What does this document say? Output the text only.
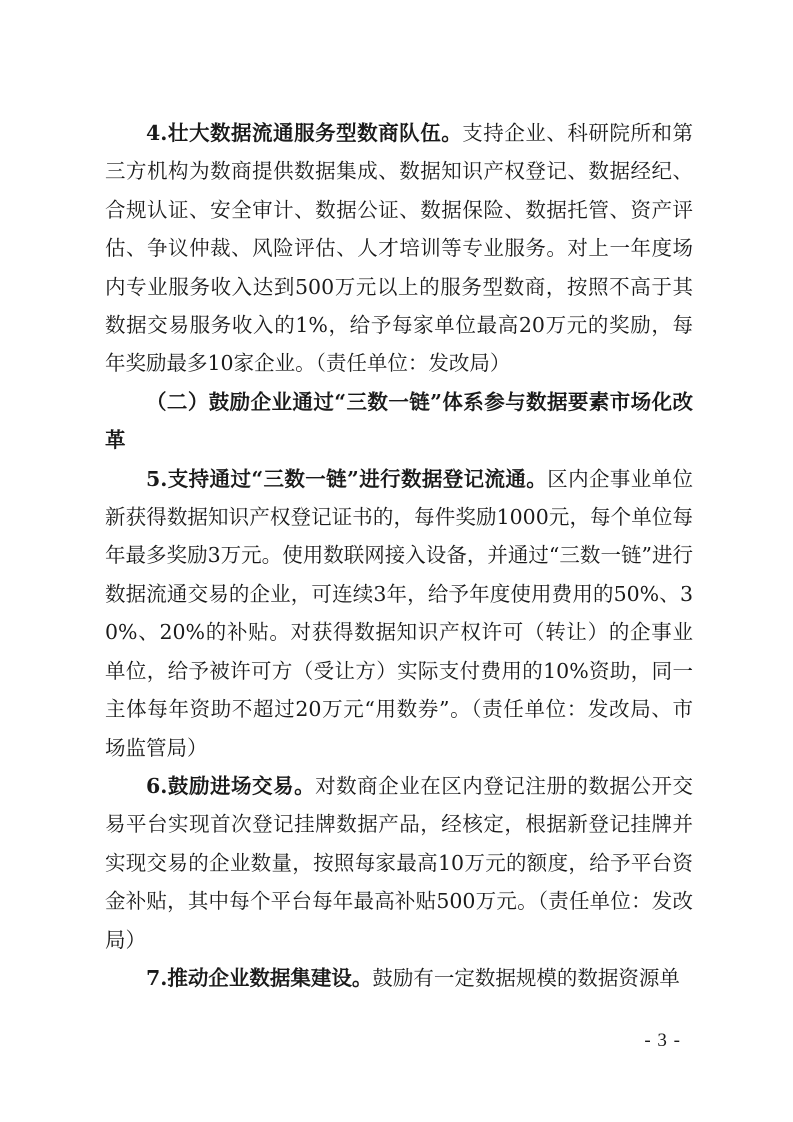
4.壮大数据流通服务型数商队伍。支持企业、科研院所和第三方机构为数商提供数据集成、数据知识产权登记、数据经纪、合规认证、安全审计、数据公证、数据保险、数据托管、资产评估、争议仲裁、风险评估、人才培训等专业服务。对上一年度场内专业服务收入达到500万元以上的服务型数商，按照不高于其数据交易服务收入的1%，给予每家单位最高20万元的奖励，每年奖励最多10家企业。（责任单位：发改局）

（二）鼓励企业通过“三数一链”体系参与数据要素市场化改革

5.支持通过“三数一链”进行数据登记流通。区内企事业单位新获得数据知识产权登记证书的，每件奖励1000元，每个单位每年最多奖励3万元。使用数联网接入设备，并通过“三数一链”进行数据流通交易的企业，可连续3年，给予年度使用费用的50%、30%、20%的补贴。对获得数据知识产权许可（转让）的企事业单位，给予被许可方（受让方）实际支付费用的10%资助，同一主体每年资助不超过20万元“用数券”。（责任单位：发改局、市场监管局）

6.鼓励进场交易。对数商企业在区内登记注册的数据公开交易平台实现首次登记挂牌数据产品，经核定，根据新登记挂牌并实现交易的企业数量，按照每家最高10万元的额度，给予平台资金补贴，其中每个平台每年最高补贴500万元。（责任单位：发改局）

7.推动企业数据集建设。鼓励有一定数据规模的数据资源单

- 3 -
